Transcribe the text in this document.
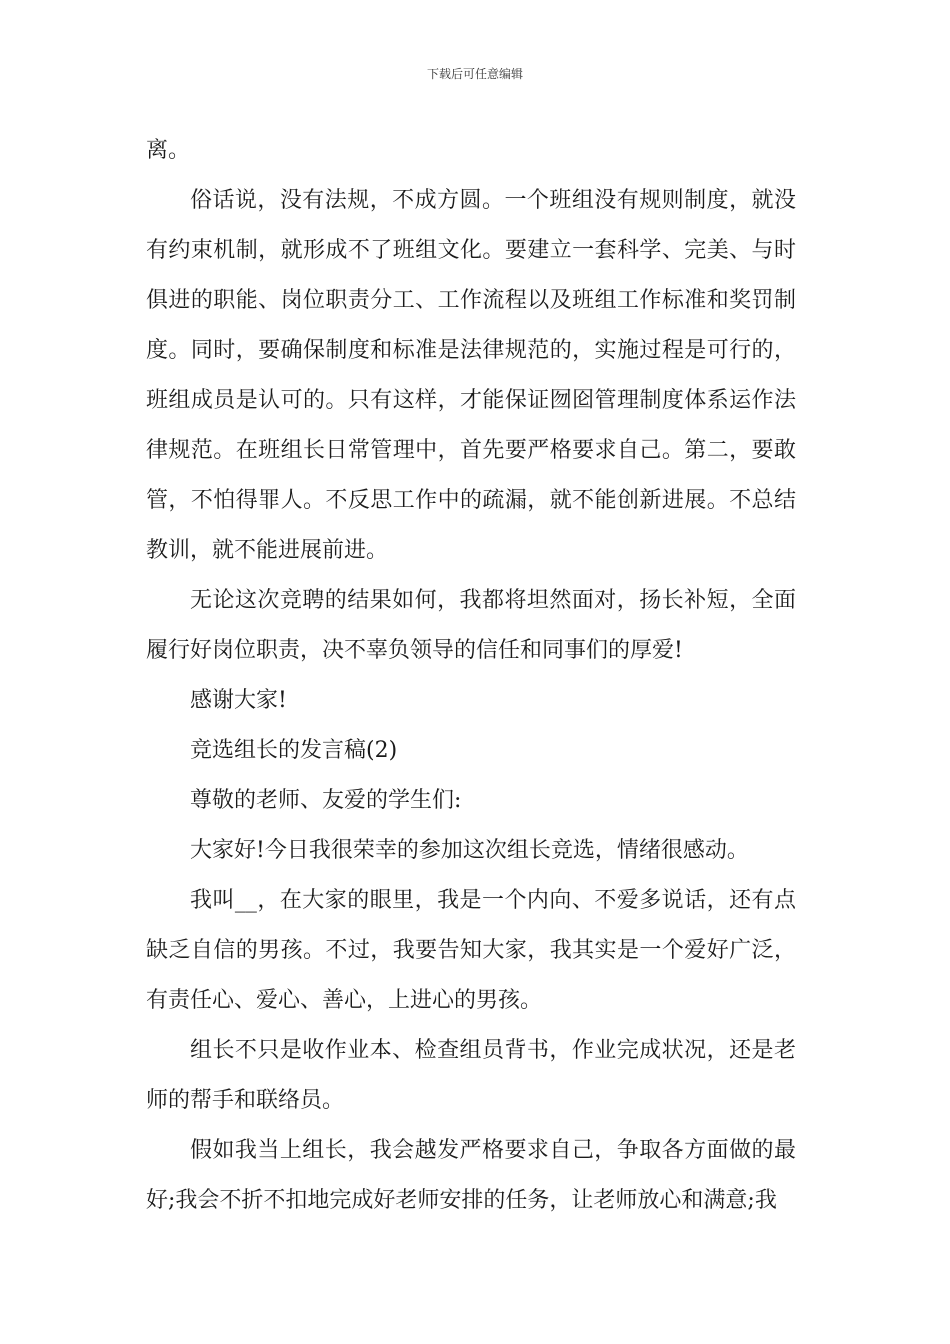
下载后可任意编辑
离。
俗话说，没有法规，不成方圆。一个班组没有规则制度，就没
有约束机制，就形成不了班组文化。要建立一套科学、完美、与时
俱进的职能、岗位职责分工、工作流程以及班组工作标准和奖罚制
度。同时，要确保制度和标准是法律规范的，实施过程是可行的，
班组成员是认可的。只有这样，才能保证囫囵管理制度体系运作法
律规范。在班组长日常管理中，首先要严格要求自己。第二，要敢
管，不怕得罪人。不反思工作中的疏漏，就不能创新进展。不总结
教训，就不能进展前进。
无论这次竞聘的结果如何，我都将坦然面对，扬长补短，全面
履行好岗位职责，决不辜负领导的信任和同事们的厚爱!
感谢大家!
竞选组长的发言稿(2)
尊敬的老师、友爱的学生们:
大家好!今日我很荣幸的参加这次组长竞选，情绪很感动。
我叫__，在大家的眼里，我是一个内向、不爱多说话，还有点
缺乏自信的男孩。不过，我要告知大家，我其实是一个爱好广泛，
有责任心、爱心、善心，上进心的男孩。
组长不只是收作业本、检查组员背书，作业完成状况，还是老
师的帮手和联络员。
假如我当上组长，我会越发严格要求自己，争取各方面做的最
好;我会不折不扣地完成好老师安排的任务，让老师放心和满意;我
